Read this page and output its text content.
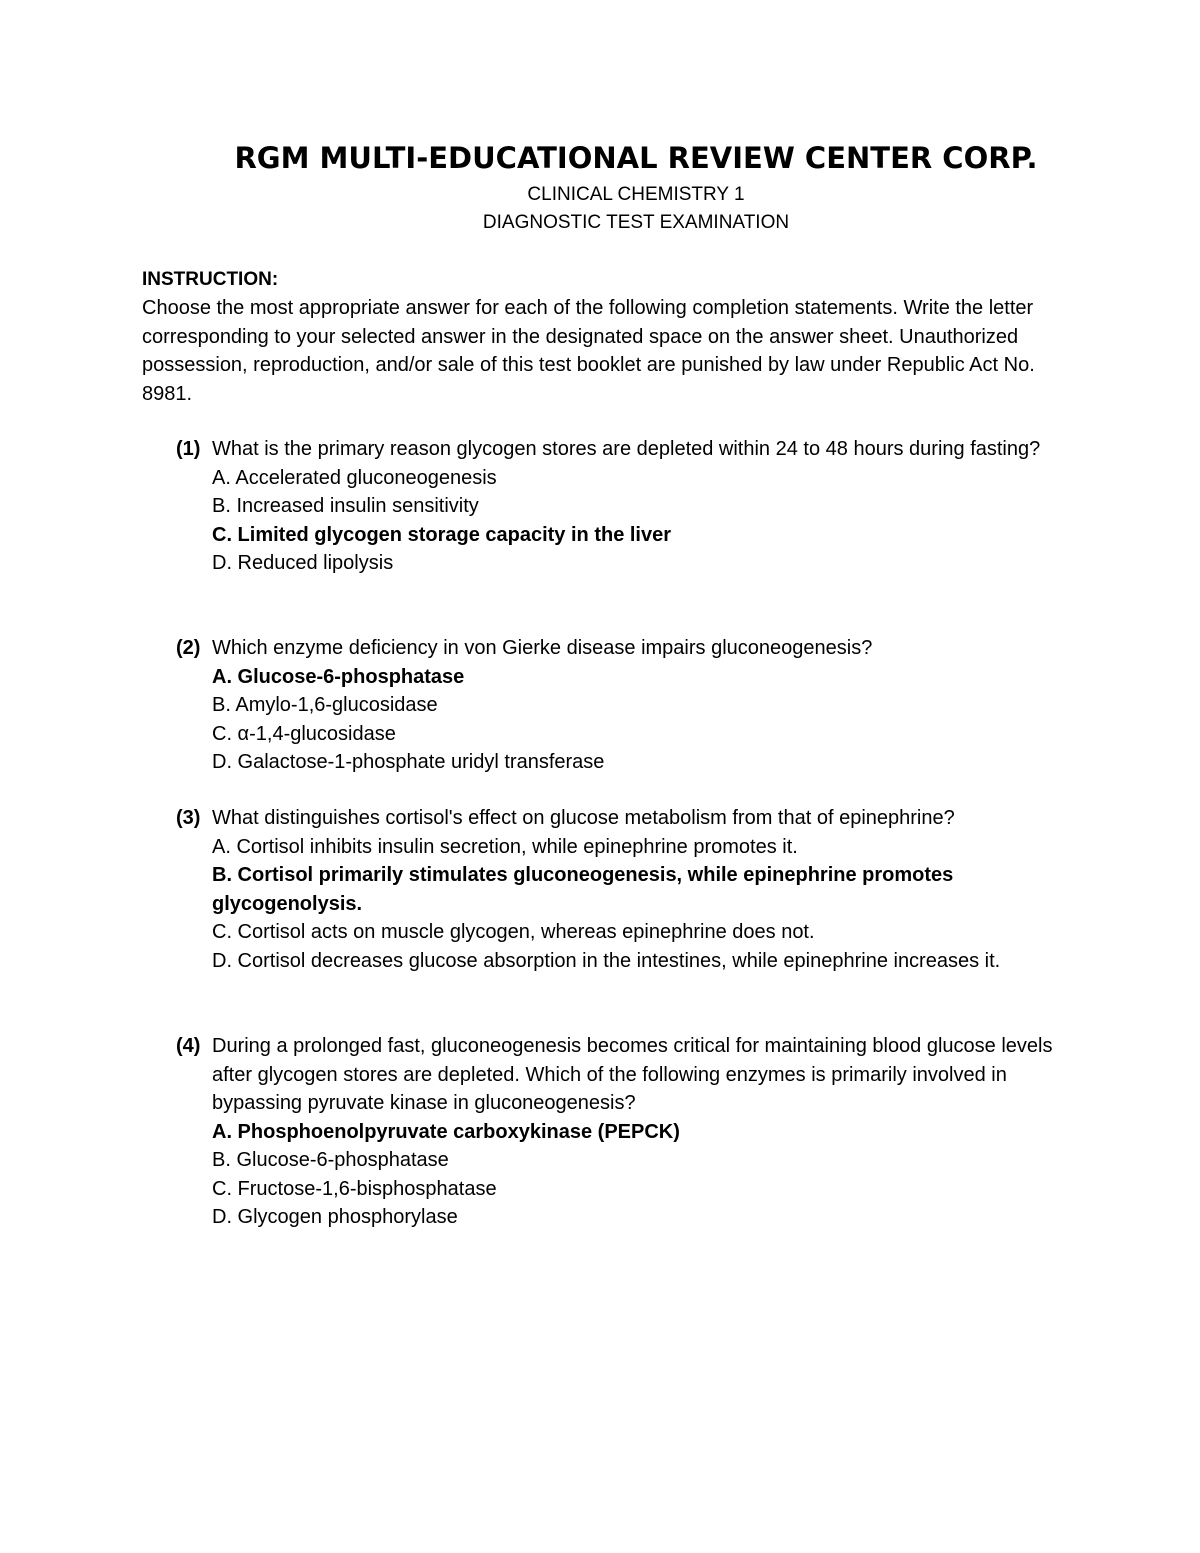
RGM MULTI-EDUCATIONAL REVIEW CENTER CORP.
CLINICAL CHEMISTRY 1
DIAGNOSTIC TEST EXAMINATION
INSTRUCTION:
Choose the most appropriate answer for each of the following completion statements. Write the letter corresponding to your selected answer in the designated space on the answer sheet. Unauthorized possession, reproduction, and/or sale of this test booklet are punished by law under Republic Act No. 8981.
(1) What is the primary reason glycogen stores are depleted within 24 to 48 hours during fasting?
A. Accelerated gluconeogenesis
B. Increased insulin sensitivity
C. Limited glycogen storage capacity in the liver
D. Reduced lipolysis
(2) Which enzyme deficiency in von Gierke disease impairs gluconeogenesis?
A. Glucose-6-phosphatase
B. Amylo-1,6-glucosidase
C. α-1,4-glucosidase
D. Galactose-1-phosphate uridyl transferase
(3) What distinguishes cortisol's effect on glucose metabolism from that of epinephrine?
A. Cortisol inhibits insulin secretion, while epinephrine promotes it.
B. Cortisol primarily stimulates gluconeogenesis, while epinephrine promotes glycogenolysis.
C. Cortisol acts on muscle glycogen, whereas epinephrine does not.
D. Cortisol decreases glucose absorption in the intestines, while epinephrine increases it.
(4) During a prolonged fast, gluconeogenesis becomes critical for maintaining blood glucose levels after glycogen stores are depleted. Which of the following enzymes is primarily involved in bypassing pyruvate kinase in gluconeogenesis?
A. Phosphoenolpyruvate carboxykinase (PEPCK)
B. Glucose-6-phosphatase
C. Fructose-1,6-bisphosphatase
D. Glycogen phosphorylase
